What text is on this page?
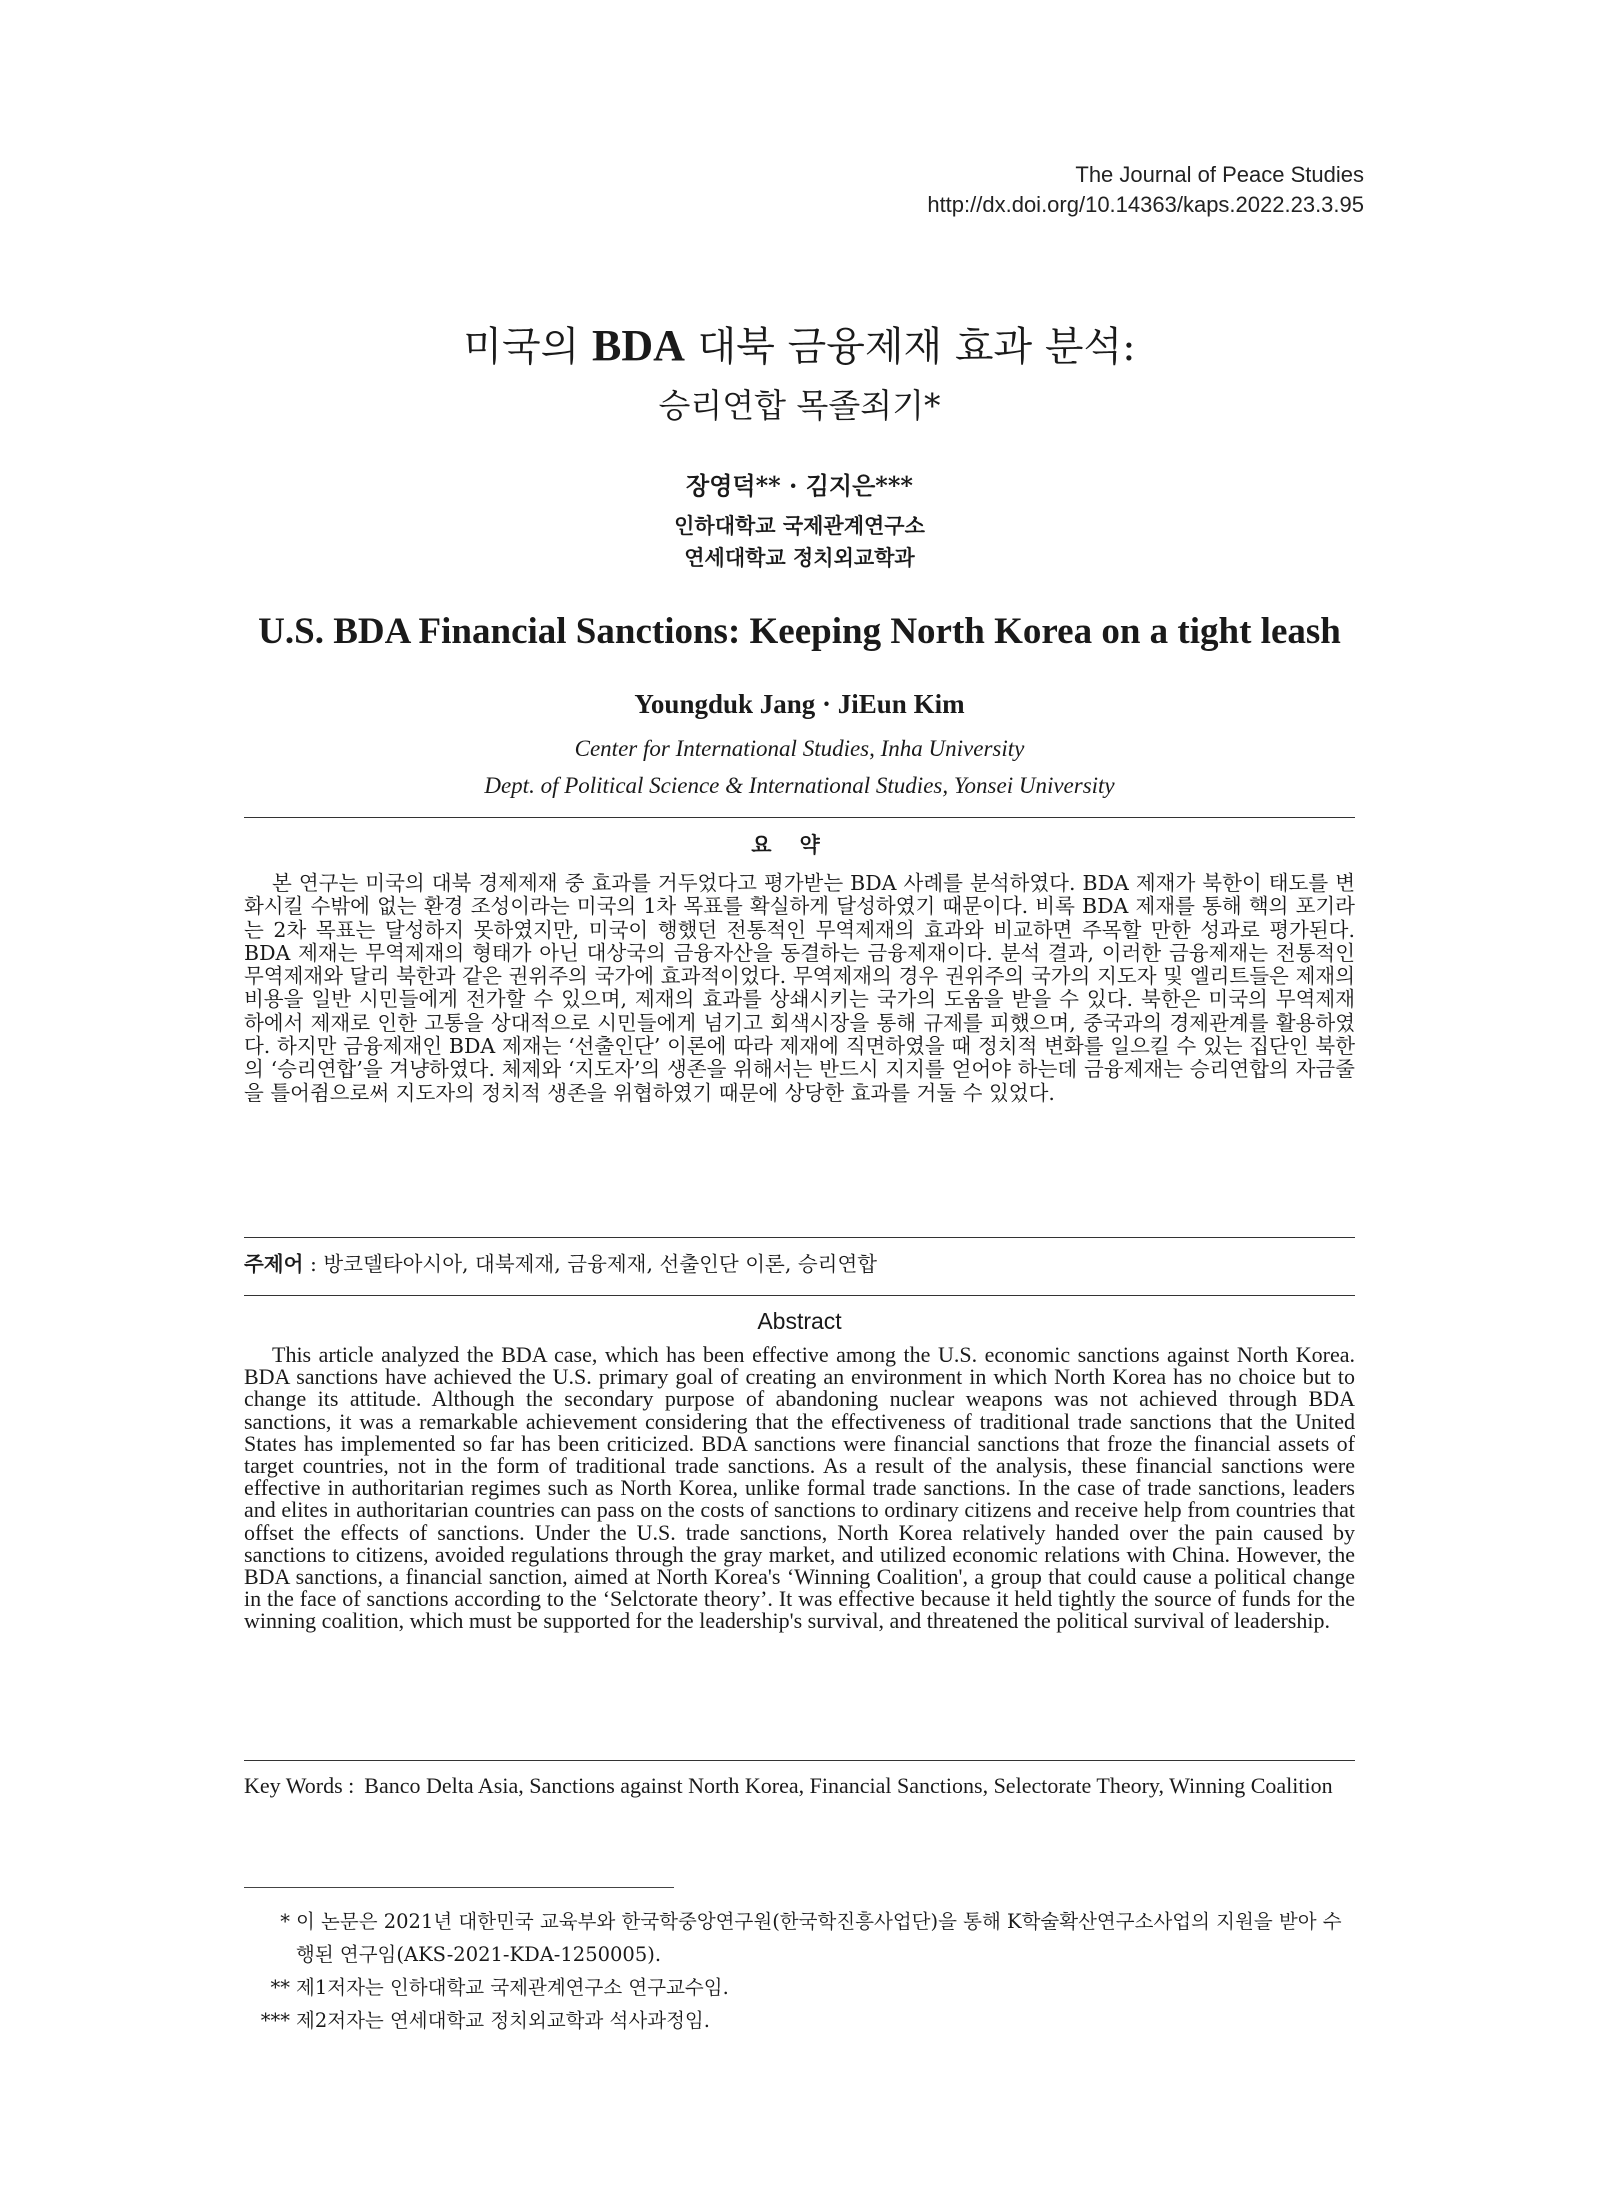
The Journal of Peace Studies
http://dx.doi.org/10.14363/kaps.2022.23.3.95
미국의 BDA 대북 금융제재 효과 분석:
승리연합 목졸죄기*
장영덕** · 김지은***
인하대학교 국제관계연구소
연세대학교 정치외교학과
U.S. BDA Financial Sanctions: Keeping North Korea on a tight leash
Youngduk Jang · JiEun Kim
Center for International Studies, Inha University
Dept. of Political Science & International Studies, Yonsei University
요약
본 연구는 미국의 대북 경제제재 중 효과를 거두었다고 평가받는 BDA 사례를 분석하였다. BDA 제재가 북한이 태도를 변화시킬 수밖에 없는 환경 조성이라는 미국의 1차 목표를 확실하게 달성하였기 때문이다. 비록 BDA 제재를 통해 핵의 포기라는 2차 목표는 달성하지 못하였지만, 미국이 행했던 전통적인 무역제재의 효과와 비교하면 주목할 만한 성과로 평가된다. BDA 제재는 무역제재의 형태가 아닌 대상국의 금융자산을 동결하는 금융제재이다. 분석 결과, 이러한 금융제재는 전통적인 무역제재와 달리 북한과 같은 권위주의 국가에 효과적이었다. 무역제재의 경우 권위주의 국가의 지도자 및 엘리트들은 제재의 비용을 일반 시민들에게 전가할 수 있으며, 제재의 효과를 상쇄시키는 국가의 도움을 받을 수 있다. 북한은 미국의 무역제재 하에서 제재로 인한 고통을 상대적으로 시민들에게 넘기고 회색시장을 통해 규제를 피했으며, 중국과의 경제관계를 활용하였다. 하지만 금융제재인 BDA 제재는 ‘선출인단’ 이론에 따라 제재에 직면하였을 때 정치적 변화를 일으킬 수 있는 집단인 북한의 ‘승리연합’을 겨냥하였다. 체제와 ‘지도자’의 생존을 위해서는 반드시 지지를 얻어야 하는데 금융제재는 승리연합의 자금줄을 틀어쥠으로써 지도자의 정치적 생존을 위협하였기 때문에 상당한 효과를 거둘 수 있었다.
주제어 : 방코델타아시아, 대북제재, 금융제재, 선출인단 이론, 승리연합
Abstract
This article analyzed the BDA case, which has been effective among the U.S. economic sanctions against North Korea. BDA sanctions have achieved the U.S. primary goal of creating an environment in which North Korea has no choice but to change its attitude. Although the secondary purpose of abandoning nuclear weapons was not achieved through BDA sanctions, it was a remarkable achievement considering that the effectiveness of traditional trade sanctions that the United States has implemented so far has been criticized. BDA sanctions were financial sanctions that froze the financial assets of target countries, not in the form of traditional trade sanctions. As a result of the analysis, these financial sanctions were effective in authoritarian regimes such as North Korea, unlike formal trade sanctions. In the case of trade sanctions, leaders and elites in authoritarian countries can pass on the costs of sanctions to ordinary citizens and receive help from countries that offset the effects of sanctions. Under the U.S. trade sanctions, North Korea relatively handed over the pain caused by sanctions to citizens, avoided regulations through the gray market, and utilized economic relations with China. However, the BDA sanctions, a financial sanction, aimed at North Korea's ‘Winning Coalition', a group that could cause a political change in the face of sanctions according to the ‘Selctorate theory’. It was effective because it held tightly the source of funds for the winning coalition, which must be supported for the leadership's survival, and threatened the political survival of leadership.
Key Words : Banco Delta Asia, Sanctions against North Korea, Financial Sanctions, Selectorate Theory, Winning Coalition
* 이 논문은 2021년 대한민국 교육부와 한국학중앙연구원(한국학진흥사업단)을 통해 K학술확산연구소사업의 지원을 받아 수행된 연구임(AKS-2021-KDA-1250005).
** 제1저자는 인하대학교 국제관계연구소 연구교수임.
*** 제2저자는 연세대학교 정치외교학과 석사과정임.
